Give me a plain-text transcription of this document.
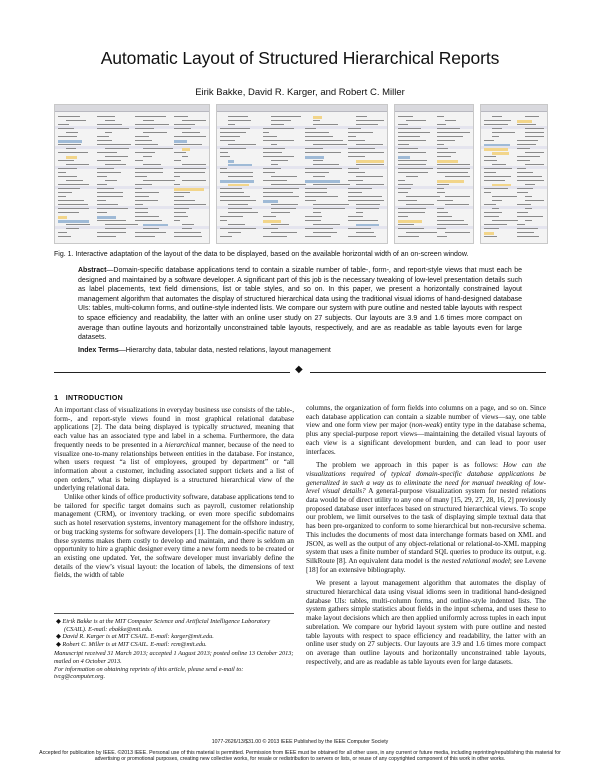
Automatic Layout of Structured Hierarchical Reports
Eirik Bakke, David R. Karger, and Robert C. Miller
Fig. 1. Interactive adaptation of the layout of the data to be displayed, based on the available horizontal width of an on-screen window.
Abstract—Domain-specific database applications tend to contain a sizable number of table-, form-, and report-style views that must each be designed and maintained by a software developer. A significant part of this job is the necessary tweaking of low-level presentation details such as label placements, text field dimensions, list or table styles, and so on. In this paper, we present a horizontally constrained layout management algorithm that automates the display of structured hierarchical data using the traditional visual idioms of hand-designed database UIs: tables, multi-column forms, and outline-style indented lists. We compare our system with pure outline and nested table layouts with respect to space efficiency and readability, the latter with an online user study on 27 subjects. Our layouts are 3.9 and 1.6 times more compact on average than outline layouts and horizontally unconstrained table layouts, respectively, and are as readable as table layouts even for large datasets.
Index Terms—Hierarchy data, tabular data, nested relations, layout management
◆
1 INTRODUCTION

An important class of visualizations in everyday business use consists of the table-, form-, and report-style views found in most graphical relational database applications [2]. The data being displayed is typically structured, meaning that each value has an associated type and label in a schema. Furthermore, the data frequently needs to be presented in a hierarchical manner, because of the need to visualize one-to-many relationships between entities in the database. For instance, when users request “a list of employees, grouped by department” or “all information about a customer, including associated support tickets and a list of open orders,” what is being displayed is a structured hierarchical view of the underlying relational data.

Unlike other kinds of office productivity software, database applications tend to be tailored for specific target domains such as payroll, customer relationship management (CRM), or inventory tracking, or even more specific subdomains such as hotel reservation systems, inventory management for the offshore industry, or bug tracking systems for software developers [1]. The domain-specific nature of these systems makes them costly to develop and maintain, and there is seldom an opportunity to hire a graphic designer every time a new form needs to be created or an existing one updated. Yet, the software developer must invariably define the details of the view’s visual layout: the location of labels, the dimensions of text fields, the width of table

◆ Eirik Bakke is at the MIT Computer Science and Artificial Intelligence Laboratory (CSAIL). E-mail: ebakke@mit.edu.

◆ David R. Karger is at MIT CSAIL. E-mail: karger@mit.edu.

◆ Robert C. Miller is at MIT CSAIL. E-mail: rcm@mit.edu.

Manuscript received 31 March 2013; accepted 1 August 2013; posted online 13 October 2013; mailed on 4 October 2013.

For information on obtaining reprints of this article, please send e-mail to: tvcg@computer.org.

columns, the organization of form fields into columns on a page, and so on. Since each database application can contain a sizable number of views—say, one table view and one form view per major (non-weak) entity type in the database schema, plus any special-purpose report views—maintaining the detailed visual layouts of each view is a significant development burden, and can lead to poor user interfaces.

The problem we approach in this paper is as follows: How can the visualizations required of typical domain-specific database applications be generalized in such a way as to eliminate the need for manual tweaking of low-level visual details? A general-purpose visualization system for nested relations data would be of direct utility to any one of many [15, 29, 27, 28, 16, 2] previously proposed database user interfaces based on structured hierarchical views. To scope our problem, we limit ourselves to the task of displaying simple textual data that has been pre-organized to conform to some hierarchical but non-recursive schema. This includes the documents of most data interchange formats based on XML and JSON, as well as the output of any object-relational or relational-to-XML mapping system that uses a finite number of standard SQL queries to produce its output, e.g. SilkRoute [8]. An equivalent data model is the nested relational model; see Levene [18] for an extensive bibliography.

We present a layout management algorithm that automates the display of structured hierarchical data using visual idioms seen in traditional hand-designed database UIs: tables, multi-column forms, and outline-style indented lists. The system gathers simple statistics about fields in the input schema, and uses these to make layout decisions which are then applied uniformly across tuples in each input subrelation. We compare our hybrid layout system with pure outline and nested table layouts with respect to space efficiency and readability, the latter with an online user study on 27 subjects. Our layouts are 3.9 and 1.6 times more compact on average than outline layouts and horizontally unconstrained table layouts, respectively, and are as readable as table layouts even for large datasets.

1077-2626/13/$31.00 © 2013 IEEE Published by the IEEE Computer Society
Accepted for publication by IEEE. ©2013 IEEE. Personal use of this material is permitted. Permission from IEEE must be obtained for all other uses, in any current or future media, including reprinting/republishing this material for advertising or promotional purposes, creating new collective works, for resale or redistribution to servers or lists, or reuse of any copyrighted component of this work in other works.
